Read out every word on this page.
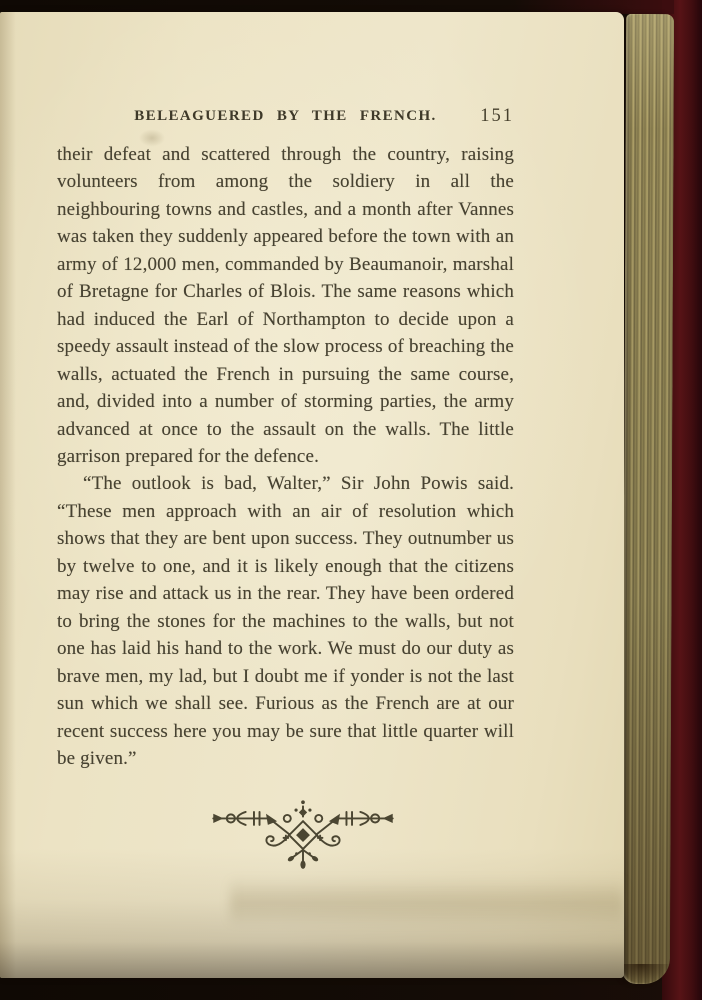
BELEAGUERED BY THE FRENCH.	151

their defeat and scattered through the country, raising volunteers from among the soldiery in all the neighbouring towns and castles, and a month after Vannes was taken they suddenly appeared before the town with an army of 12,000 men, commanded by Beaumanoir, marshal of Bretagne for Charles of Blois. The same reasons which had induced the Earl of Northampton to decide upon a speedy assault instead of the slow process of breaching the walls, actuated the French in pursuing the same course, and, divided into a number of storming parties, the army advanced at once to the assault on the walls. The little garrison prepared for the defence.

“The outlook is bad, Walter,” Sir John Powis said. “These men approach with an air of resolution which shows that they are bent upon success. They outnumber us by twelve to one, and it is likely enough that the citizens may rise and attack us in the rear. They have been ordered to bring the stones for the machines to the walls, but not one has laid his hand to the work. We must do our duty as brave men, my lad, but I doubt me if yonder is not the last sun which we shall see. Furious as the French are at our recent success here you may be sure that little quarter will be given.”
